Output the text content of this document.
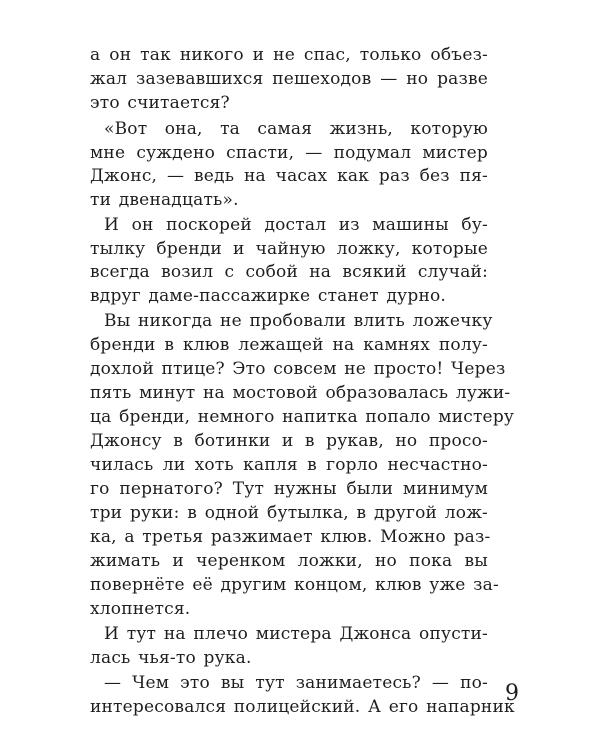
а он так никого и не спас, только объез-
жал зазевавшихся пешеходов — но разве
это считается?
«Вот она, та самая жизнь, которую
мне суждено спасти, — подумал мистер
Джонс, — ведь на часах как раз без пя-
ти двенадцать».
И он поскорей достал из машины бу-
тылку бренди и чайную ложку, которые
всегда возил с собой на всякий случай:
вдруг даме-пассажирке станет дурно.
Вы никогда не пробовали влить ложечку
бренди в клюв лежащей на камнях полу-
дохлой птице? Это совсем не просто! Через
пять минут на мостовой образовалась лужи-
ца бренди, немного напитка попало мистеру
Джонсу в ботинки и в рукав, но просо-
чилась ли хоть капля в горло несчастно-
го пернатого? Тут нужны были минимум
три руки: в одной бутылка, в другой лож-
ка, а третья разжимает клюв. Можно раз-
жимать и черенком ложки, но пока вы
повернёте её другим концом, клюв уже за-
хлопнется.
И тут на плечо мистера Джонса опусти-
лась чья-то рука.
— Чем это вы тут занимаетесь? — по-
интересовался полицейский. А его напарник
9
